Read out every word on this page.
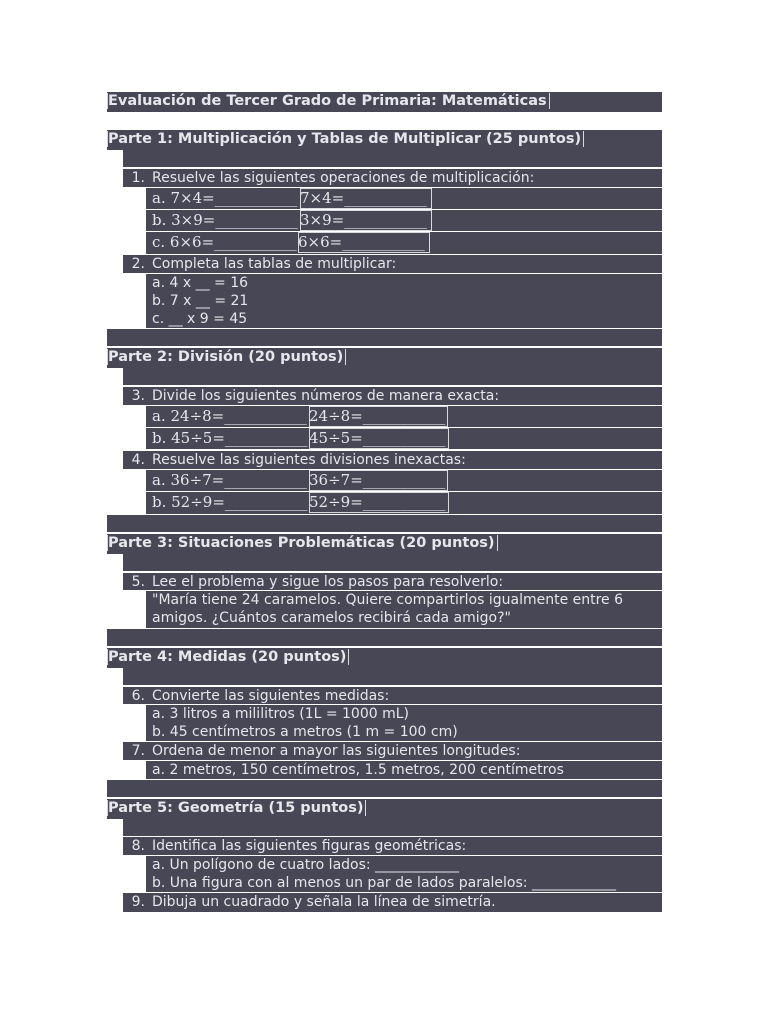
Evaluación de Tercer Grado de Primaria: Matemáticas
Parte 1: Multiplicación y Tablas de Multiplicar (25 puntos)
1. Resuelve las siguientes operaciones de multiplicación:
a. 7×4=___________ 7×4=___________
b. 3×9=___________ 3×9=___________
c. 6×6=___________ 6×6=___________
2. Completa las tablas de multiplicar:
a. 4 x __ = 16
b. 7 x __ = 21
c. __ x 9 = 45
Parte 2: División (20 puntos)
3. Divide los siguientes números de manera exacta:
a. 24÷8=___________ 24÷8=___________
b. 45÷5=___________ 45÷5=___________
4. Resuelve las siguientes divisiones inexactas:
a. 36÷7=___________ 36÷7=___________
b. 52÷9=___________ 52÷9=___________
Parte 3: Situaciones Problemáticas (20 puntos)
5. Lee el problema y sigue los pasos para resolverlo:
"María tiene 24 caramelos. Quiere compartirlos igualmente entre 6
amigos. ¿Cuántos caramelos recibirá cada amigo?"
Parte 4: Medidas (20 puntos)
6. Convierte las siguientes medidas:
a. 3 litros a mililitros (1L = 1000 mL)
b. 45 centímetros a metros (1 m = 100 cm)
7. Ordena de menor a mayor las siguientes longitudes:
a. 2 metros, 150 centímetros, 1.5 metros, 200 centímetros
Parte 5: Geometría (15 puntos)
8. Identifica las siguientes figuras geométricas:
a. Un polígono de cuatro lados: ____________
b. Una figura con al menos un par de lados paralelos: ____________
9. Dibuja un cuadrado y señala la línea de simetría.
